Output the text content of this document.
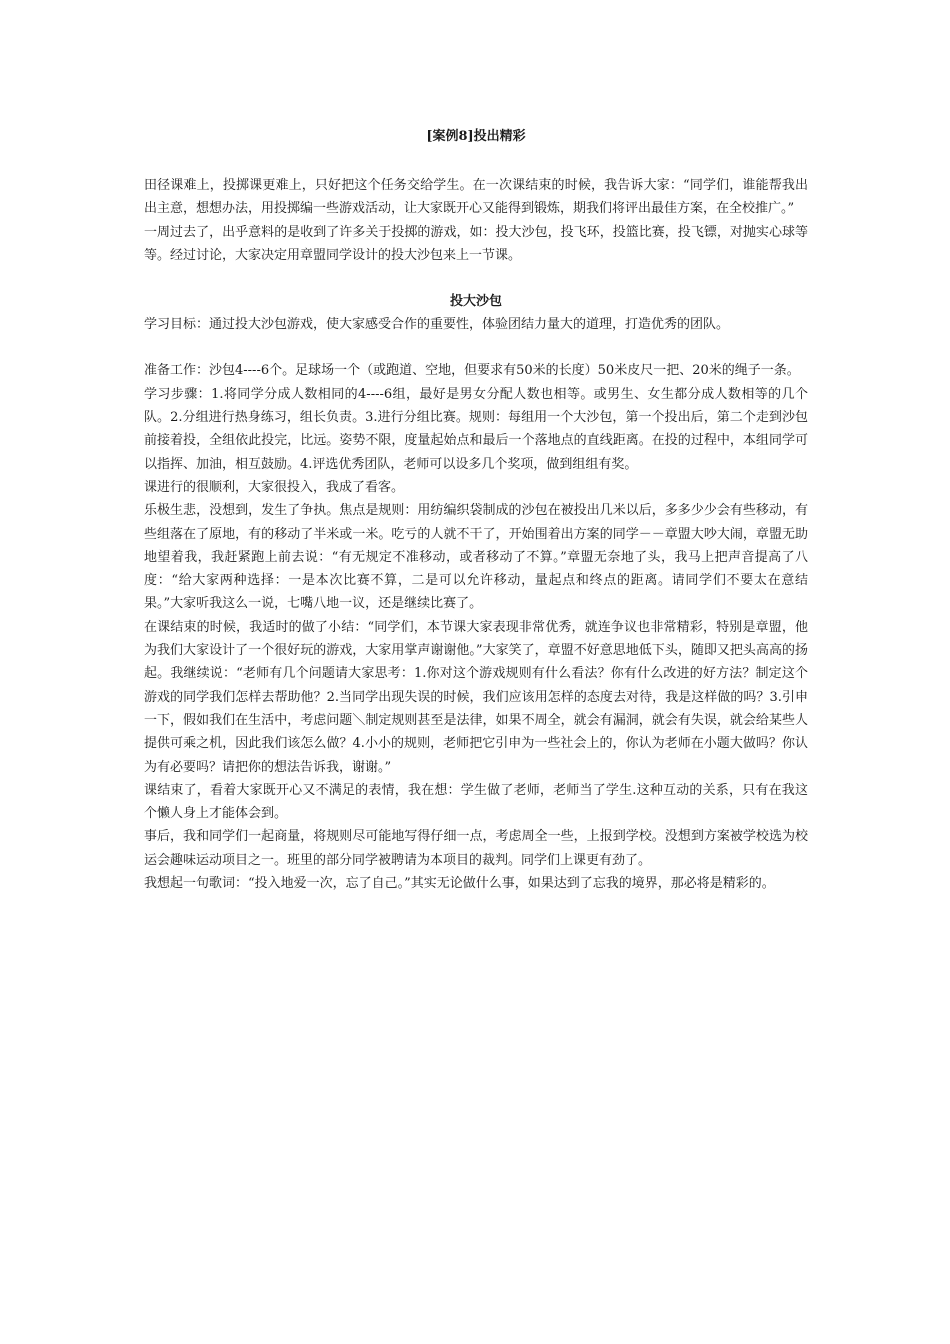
[案例8]投出精彩

田径课难上，投掷课更难上，只好把这个任务交给学生。在一次课结束的时候，我告诉大家：“同学们，谁能帮我出出主意，想想办法，用投掷编一些游戏活动，让大家既开心又能得到锻炼，期我们将评出最佳方案，在全校推广。”

一周过去了，出乎意料的是收到了许多关于投掷的游戏，如：投大沙包，投飞环，投篮比赛，投飞镖，对抛实心球等等。经过讨论，大家决定用章盟同学设计的投大沙包来上一节课。

投大沙包

学习目标：通过投大沙包游戏，使大家感受合作的重要性，体验团结力量大的道理，打造优秀的团队。

准备工作：沙包4----6个。足球场一个（或跑道、空地，但要求有50米的长度）50米皮尺一把、20米的绳子一条。

学习步骤：1.将同学分成人数相同的4----6组，最好是男女分配人数也相等。或男生、女生都分成人数相等的几个队。2.分组进行热身练习，组长负责。3.进行分组比赛。规则：每组用一个大沙包，第一个投出后，第二个走到沙包前接着投，全组依此投完，比远。姿势不限，度量起始点和最后一个落地点的直线距离。在投的过程中，本组同学可以指挥、加油，相互鼓励。4.评选优秀团队，老师可以设多几个奖项，做到组组有奖。

课进行的很顺利，大家很投入，我成了看客。

乐极生悲，没想到，发生了争执。焦点是规则：用纺编织袋制成的沙包在被投出几米以后，多多少少会有些移动，有些组落在了原地，有的移动了半米或一米。吃亏的人就不干了，开始围着出方案的同学－－章盟大吵大闹，章盟无助地望着我，我赶紧跑上前去说：“有无规定不准移动，或者移动了不算。”章盟无奈地了头，我马上把声音提高了八度：“给大家两种选择：一是本次比赛不算，二是可以允许移动，量起点和终点的距离。请同学们不要太在意结果。”大家听我这么一说，七嘴八地一议，还是继续比赛了。

在课结束的时候，我适时的做了小结：“同学们，本节课大家表现非常优秀，就连争议也非常精彩，特别是章盟，他为我们大家设计了一个很好玩的游戏，大家用掌声谢谢他。”大家笑了，章盟不好意思地低下头，随即又把头高高的扬起。我继续说：“老师有几个问题请大家思考：1.你对这个游戏规则有什么看法？你有什么改进的好方法？制定这个游戏的同学我们怎样去帮助他？2.当同学出现失误的时候，我们应该用怎样的态度去对待，我是这样做的吗？3.引申一下，假如我们在生活中，考虑问题＼制定规则甚至是法律，如果不周全，就会有漏洞，就会有失误，就会给某些人提供可乘之机，因此我们该怎么做？4.小小的规则，老师把它引申为一些社会上的，你认为老师在小题大做吗？你认为有必要吗？请把你的想法告诉我，谢谢。”

课结束了，看着大家既开心又不满足的表情，我在想：学生做了老师，老师当了学生.这种互动的关系，只有在我这个懒人身上才能体会到。

事后，我和同学们一起商量，将规则尽可能地写得仔细一点，考虑周全一些，上报到学校。没想到方案被学校选为校运会趣味运动项目之一。班里的部分同学被聘请为本项目的裁判。同学们上课更有劲了。

我想起一句歌词：“投入地爱一次，忘了自己。”其实无论做什么事，如果达到了忘我的境界，那必将是精彩的。
